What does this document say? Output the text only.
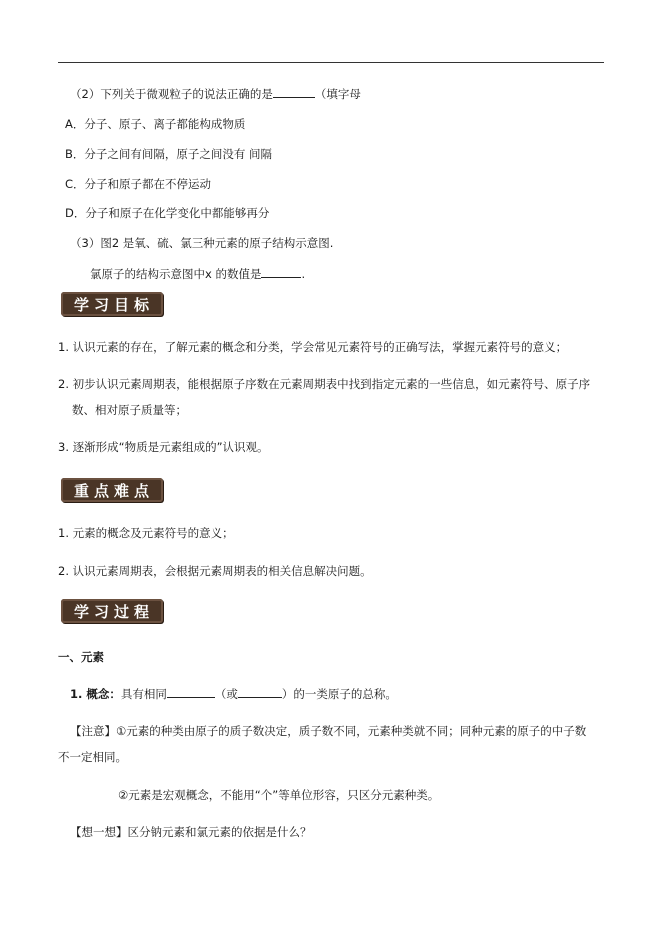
（2）下列关于微观粒子的说法正确的是	（填字母
A．分子、原子、离子都能构成物质
B．分子之间有间隔，原子之间没有 间隔
C．分子和原子都在不停运动
D．分子和原子在化学变化中都能够再分
（3）图2 是氧、硫、氯三种元素的原子结构示意图.
氯原子的结构示意图中x 的数值是	.
学习目标
1. 认识元素的存在，了解元素的概念和分类，学会常见元素符号的正确写法，掌握元素符号的意义；
2. 初步认识元素周期表，能根据原子序数在元素周期表中找到指定元素的一些信息，如元素符号、原子序
数、相对原子质量等；
3. 逐渐形成“物质是元素组成的”认识观。
重点难点
1. 元素的概念及元素符号的意义；
2. 认识元素周期表，会根据元素周期表的相关信息解决问题。
学习过程
一、元素
1. 概念：具有相同	（或	）的一类原子的总称。
【注意】①元素的种类由原子的质子数决定，质子数不同，元素种类就不同；同种元素的原子的中子数
不一定相同。
②元素是宏观概念，不能用“个”等单位形容，只区分元素种类。
【想一想】区分钠元素和氯元素的依据是什么？
